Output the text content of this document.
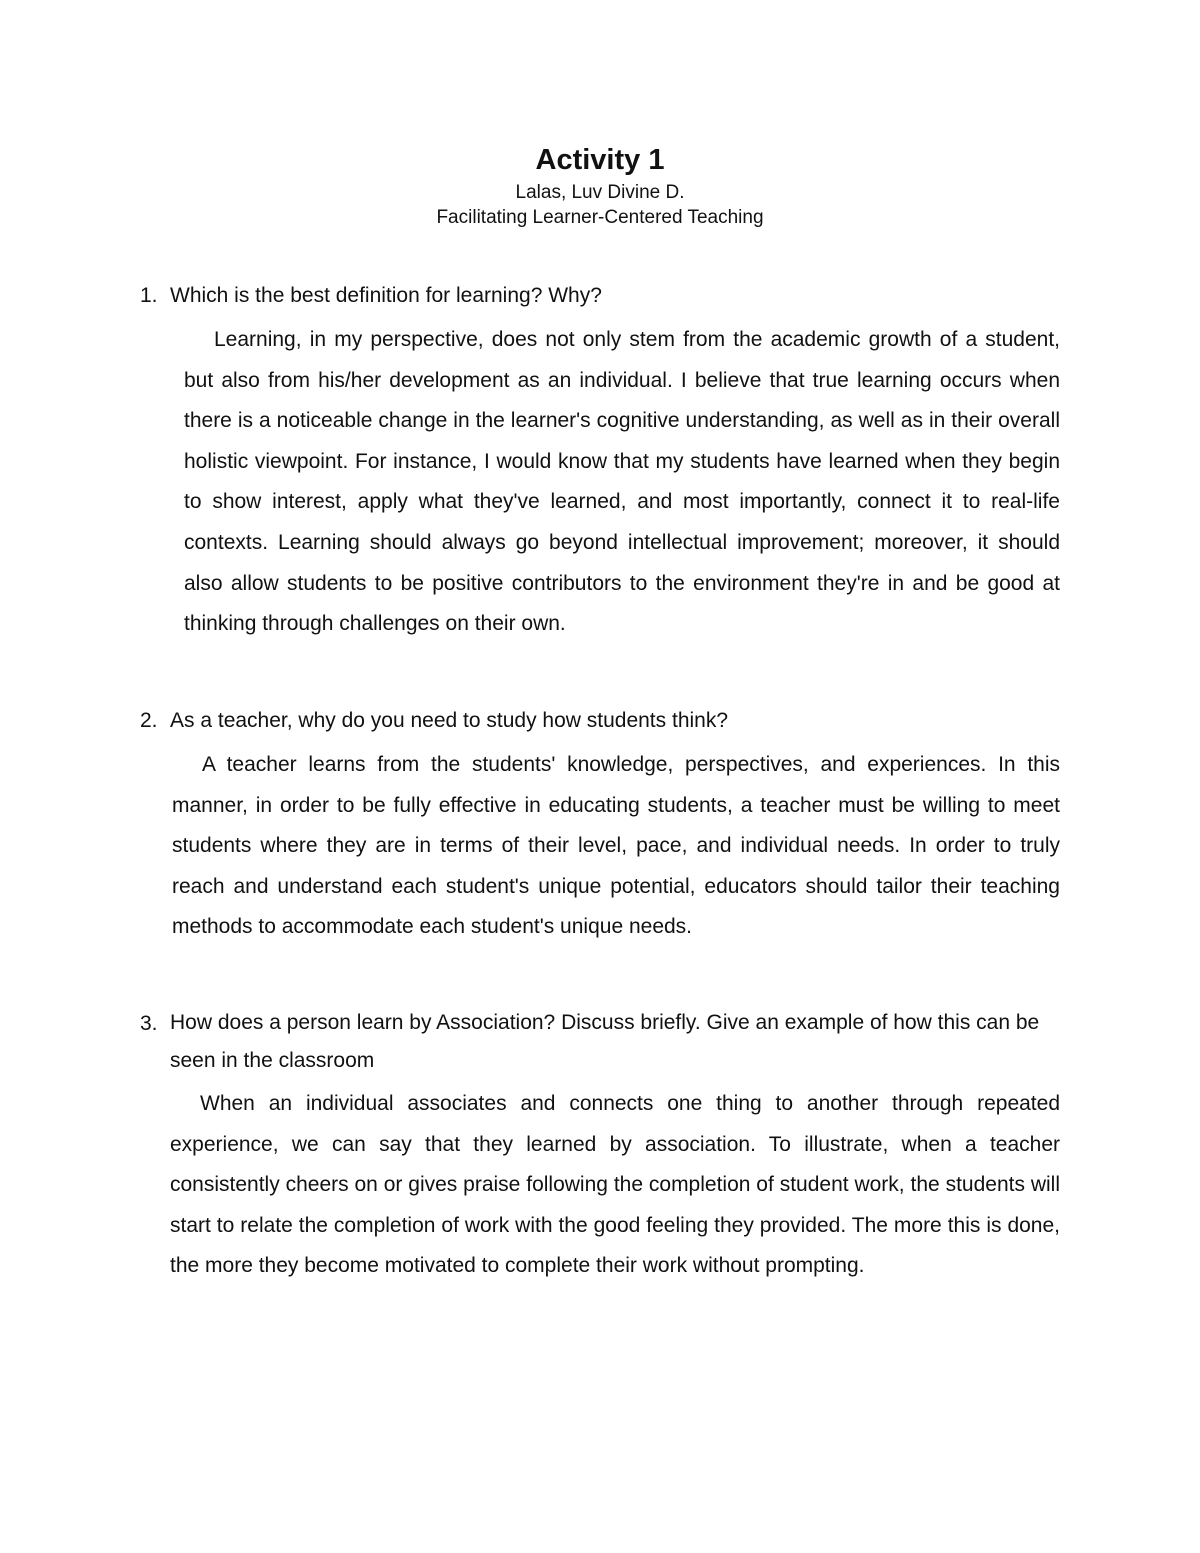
Activity 1

Lalas, Luv Divine D.

Facilitating Learner-Centered Teaching

1. Which is the best definition for learning? Why?

Learning, in my perspective, does not only stem from the academic growth of a student, but also from his/her development as an individual. I believe that true learning occurs when there is a noticeable change in the learner's cognitive understanding, as well as in their overall holistic viewpoint. For instance, I would know that my students have learned when they begin to show interest, apply what they've learned, and most importantly, connect it to real-life contexts. Learning should always go beyond intellectual improvement; moreover, it should also allow students to be positive contributors to the environment they're in and be good at thinking through challenges on their own.

2. As a teacher, why do you need to study how students think?

A teacher learns from the students' knowledge, perspectives, and experiences. In this manner, in order to be fully effective in educating students, a teacher must be willing to meet students where they are in terms of their level, pace, and individual needs. In order to truly reach and understand each student's unique potential, educators should tailor their teaching methods to accommodate each student's unique needs.

3. How does a person learn by Association? Discuss briefly. Give an example of how this can be seen in the classroom

When an individual associates and connects one thing to another through repeated experience, we can say that they learned by association. To illustrate, when a teacher consistently cheers on or gives praise following the completion of student work, the students will start to relate the completion of work with the good feeling they provided. The more this is done, the more they become motivated to complete their work without prompting.
